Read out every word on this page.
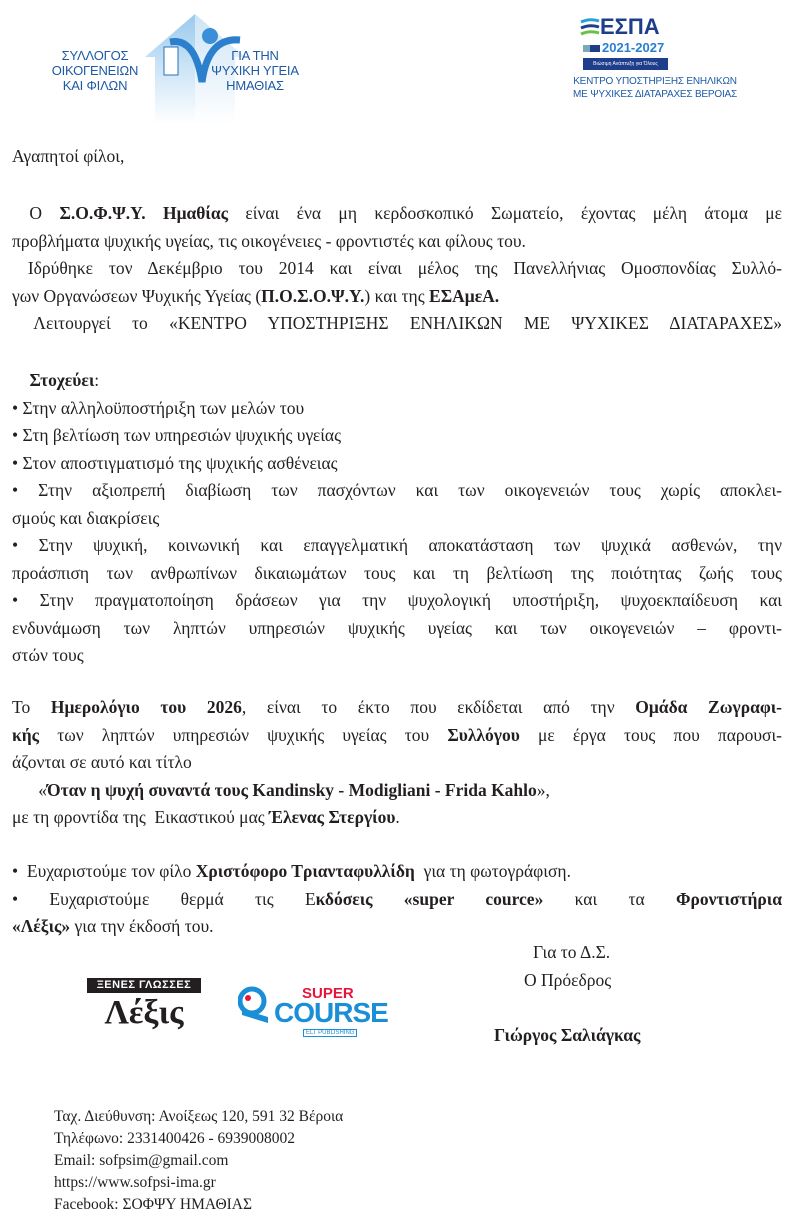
ΣΥΛΛΟΓΟΣ
ΟΙΚΟΓΕΝΕΙΩΝ
ΚΑΙ ΦΙΛΩΝ
ΓΙΑ ΤΗΝ
ΨΥΧΙΚΗ ΥΓΕΙΑ
ΗΜΑΘΙΑΣ
ΕΣΠΑ
2021-2027
Βιώσιμη Ανάπτυξη για Όλους
ΚΕΝΤΡΟ ΥΠΟΣΤΗΡΙΞΗΣ ΕΝΗΛΙΚΩΝ
ΜΕ ΨΥΧΙΚΕΣ ΔΙΑΤΑΡΑΧΕΣ ΒΕΡΟΙΑΣ
Αγαπητοί φίλοι,
Ο Σ.Ο.Φ.Ψ.Υ. Ημαθίας είναι ένα μη κερδοσκοπικό Σωματείο, έχοντας μέλη άτομα με
προβλήματα ψυχικής υγείας, τις οικογένειες - φροντιστές και φίλους του.
Ιδρύθηκε τον Δεκέμβριο του 2014 και είναι μέλος της Πανελλήνιας Ομοσπονδίας Συλλό-
γων Οργανώσεων Ψυχικής Υγείας (Π.Ο.Σ.Ο.Ψ.Υ.) και της ΕΣΑμεΑ.
Λειτουργεί το «ΚΕΝΤΡΟ ΥΠΟΣΤΗΡΙΞΗΣ ΕΝΗΛΙΚΩΝ ΜΕ ΨΥΧΙΚΕΣ ΔΙΑΤΑΡΑΧΕΣ»
Στοχεύει:
• Στην αλληλοϋποστήριξη των μελών του
• Στη βελτίωση των υπηρεσιών ψυχικής υγείας
• Στον αποστιγματισμό της ψυχικής ασθένειας
• Στην αξιοπρεπή διαβίωση των πασχόντων και των οικογενειών τους χωρίς αποκλει-
σμούς και διακρίσεις
• Στην ψυχική, κοινωνική και επαγγελματική αποκατάσταση των ψυχικά ασθενών, την
προάσπιση των ανθρωπίνων δικαιωμάτων τους και τη βελτίωση της ποιότητας ζωής τους
• Στην πραγματοποίηση δράσεων για την ψυχολογική υποστήριξη, ψυχοεκπαίδευση και
ενδυνάμωση των ληπτών υπηρεσιών ψυχικής υγείας και των οικογενειών – φροντι-
στών τους
Το Ημερολόγιο του 2026, είναι το έκτο που εκδίδεται από την Ομάδα Ζωγραφι-
κής των ληπτών υπηρεσιών ψυχικής υγείας του Συλλόγου με έργα τους που παρουσι-
άζονται σε αυτό και τίτλο
«Όταν η ψυχή συναντά τους Kandinsky - Modigliani - Frida Kahlo»,
με τη φροντίδα της  Εικαστικού μας Έλενας Στεργίου.
•  Ευχαριστούμε τον φίλο Χριστόφορο Τριανταφυλλίδη  για τη φωτογράφιση.
• Ευχαριστούμε θερμά τις Εκδόσεις «super cource» και τα Φροντιστήρια
«Λέξις» για την έκδοσή του.
ΞΕΝΕΣ ΓΛΩΣΣΕΣ
Λέξις
SUPER
COURSE
ELT PUBLISHING
Για το Δ.Σ.
Ο Πρόεδρος
Γιώργος Σαλιάγκας
Ταχ. Διεύθυνση: Ανοίξεως 120, 591 32 Βέροια
Τηλέφωνο: 2331400426 - 6939008002
Email: sofpsim@gmail.com
https://www.sofpsi-ima.gr
Facebook: ΣΟΦΨΥ ΗΜΑΘΙΑΣ
